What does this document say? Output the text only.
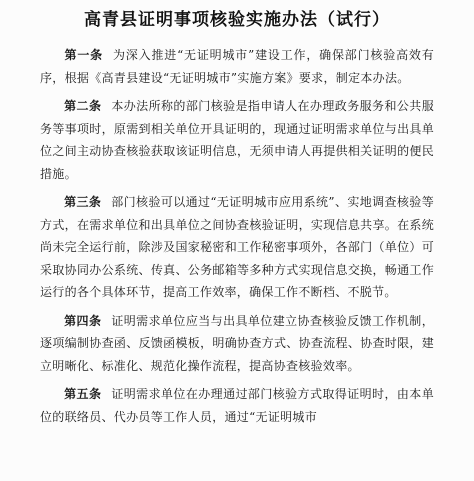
高青县证明事项核验实施办法（试行）

第一条 为深入推进“无证明城市”建设工作，确保部门核验高效有序，根据《高青县建设“无证明城市”实施方案》要求，制定本办法。

第二条 本办法所称的部门核验是指申请人在办理政务服务和公共服务等事项时，原需到相关单位开具证明的，现通过证明需求单位与出具单位之间主动协查核验获取该证明信息，无须申请人再提供相关证明的便民措施。

第三条 部门核验可以通过“无证明城市应用系统”、实地调查核验等方式，在需求单位和出具单位之间协查核验证明，实现信息共享。在系统尚未完全运行前，除涉及国家秘密和工作秘密事项外，各部门（单位）可采取协同办公系统、传真、公务邮箱等多种方式实现信息交换，畅通工作运行的各个具体环节，提高工作效率，确保工作不断档、不脱节。

第四条 证明需求单位应当与出具单位建立协查核验反馈工作机制，逐项编制协查函、反馈函模板，明确协查方式、协查流程、协查时限，建立明晰化、标准化、规范化操作流程，提高协查核验效率。

第五条 证明需求单位在办理通过部门核验方式取得证明时，由本单位的联络员、代办员等工作人员，通过“无证明城市
